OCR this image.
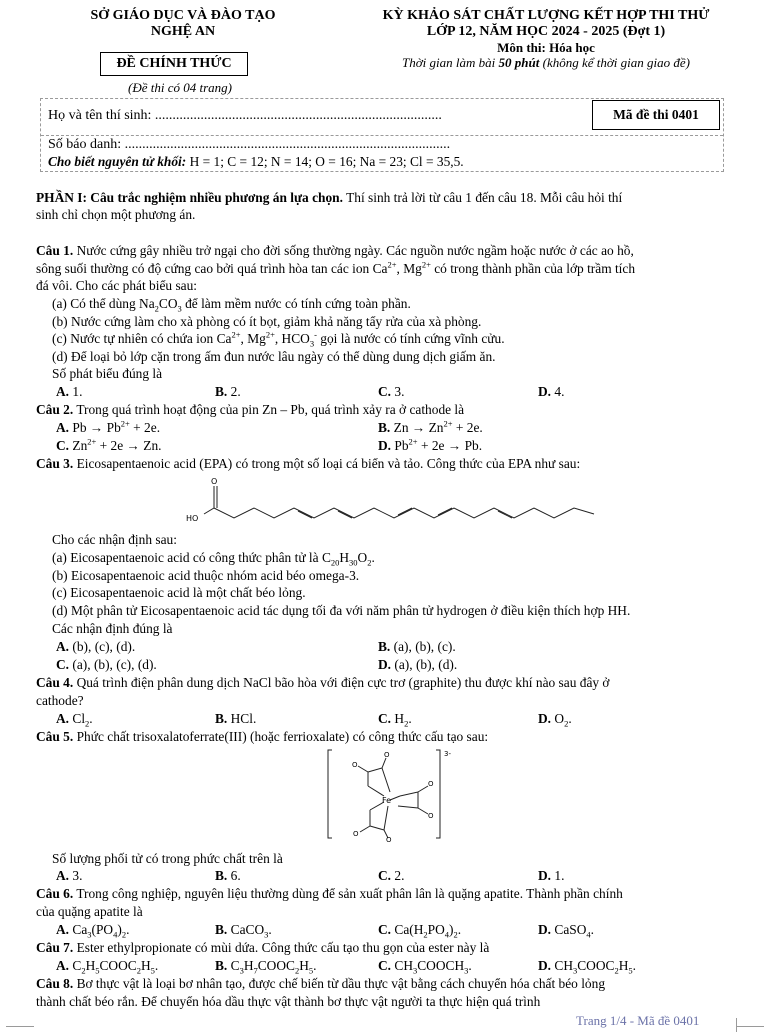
SỞ GIÁO DỤC VÀ ĐÀO TẠO
NGHỆ AN
ĐỀ CHÍNH THỨC
(Đề thi có 04 trang)
KỲ KHẢO SÁT CHẤT LƯỢNG KẾT HỢP THI THỬ
LỚP 12, NĂM HỌC 2024 - 2025 (Đợt 1)
Môn thi: Hóa học
Thời gian làm bài 50 phút (không kể thời gian giao đề)
Họ và tên thí sinh: ..................................................................................	Mã đề thi 0401
Số báo danh: .............................................................................................
Cho biết nguyên tử khối: H = 1; C = 12; N = 14; O = 16; Na = 23; Cl = 35,5.
PHẦN I: Câu trắc nghiệm nhiều phương án lựa chọn. Thí sinh trả lời từ câu 1 đến câu 18. Mỗi câu hỏi thí
sinh chỉ chọn một phương án.
Câu 1. Nước cứng gây nhiều trở ngại cho đời sống thường ngày. Các nguồn nước ngầm hoặc nước ở các ao hồ,
sông suối thường có độ cứng cao bởi quá trình hòa tan các ion $Ca^{2+}$, $Mg^{2+}$ có trong thành phần của lớp trầm tích
đá vôi. Cho các phát biểu sau:
(a) Có thể dùng $Na_2CO_3$ để làm mềm nước có tính cứng toàn phần.
(b) Nước cứng làm cho xà phòng có ít bọt, giảm khả năng tẩy rửa của xà phòng.
(c) Nước tự nhiên có chứa ion $Ca^{2+}$, $Mg^{2+}$, $HCO_3^-$ gọi là nước có tính cứng vĩnh cửu.
(d) Để loại bỏ lớp cặn trong ấm đun nước lâu ngày có thể dùng dung dịch giấm ăn.
Số phát biểu đúng là
A. 1.	B. 2.	C. 3.	D. 4.
Câu 2. Trong quá trình hoạt động của pin Zn – Pb, quá trình xảy ra ở cathode là
A. $Pb \to Pb^{2+} + 2e$.	B. $Zn \to Zn^{2+} + 2e$.
C. $Zn^{2+} + 2e \to Zn$.	D. $Pb^{2+} + 2e \to Pb$.
Câu 3. Eicosapentaenoic acid (EPA) có trong một số loại cá biển và tảo. Công thức của EPA như sau:
O
HO
Cho các nhận định sau:
(a) Eicosapentaenoic acid có công thức phân tử là $C_{20}H_{30}O_2$.
(b) Eicosapentaenoic acid thuộc nhóm acid béo omega-3.
(c) Eicosapentaenoic acid là một chất béo lỏng.
(d) Một phân tử Eicosapentaenoic acid tác dụng tối đa với năm phân tử hydrogen ở điều kiện thích hợp HH.
Các nhận định đúng là
A. (b), (c), (d).	B. (a), (b), (c).
C. (a), (b), (c), (d).	D. (a), (b), (d).
Câu 4. Quá trình điện phân dung dịch NaCl bão hòa với điện cực trơ (graphite) thu được khí nào sau đây ở
cathode?
A. $Cl_2$.	B. HCl.	C. $H_2$.	D. $O_2$.
Câu 5. Phức chất trisoxalatoferrate(III) (hoặc ferrioxalate) có công thức cấu tạo sau:
3-
Fe
O
O
O
O
O
O
Số lượng phối tử có trong phức chất trên là
A. 3.	B. 6.	C. 2.	D. 1.
Câu 6. Trong công nghiệp, nguyên liệu thường dùng để sản xuất phân lân là quặng apatite. Thành phần chính
của quặng apatite là
A. $Ca_3(PO_4)_2$.	B. CaCO$_3$.	C. $Ca(H_2PO_4)_2$.	D. CaSO$_4$.
Câu 7. Ester ethylpropionate có mùi dứa. Công thức cấu tạo thu gọn của ester này là
A. $C_2H_5COOC_2H_5$.	B. $C_3H_7COOC_2H_5$.	C. $CH_3COOCH_3$.	D. $CH_3COOC_2H_5$.
Câu 8. Bơ thực vật là loại bơ nhân tạo, được chế biến từ dầu thực vật bằng cách chuyển hóa chất béo lỏng
thành chất béo rắn. Để chuyển hóa dầu thực vật thành bơ thực vật người ta thực hiện quá trình
Trang 1/4 - Mã đề 0401
